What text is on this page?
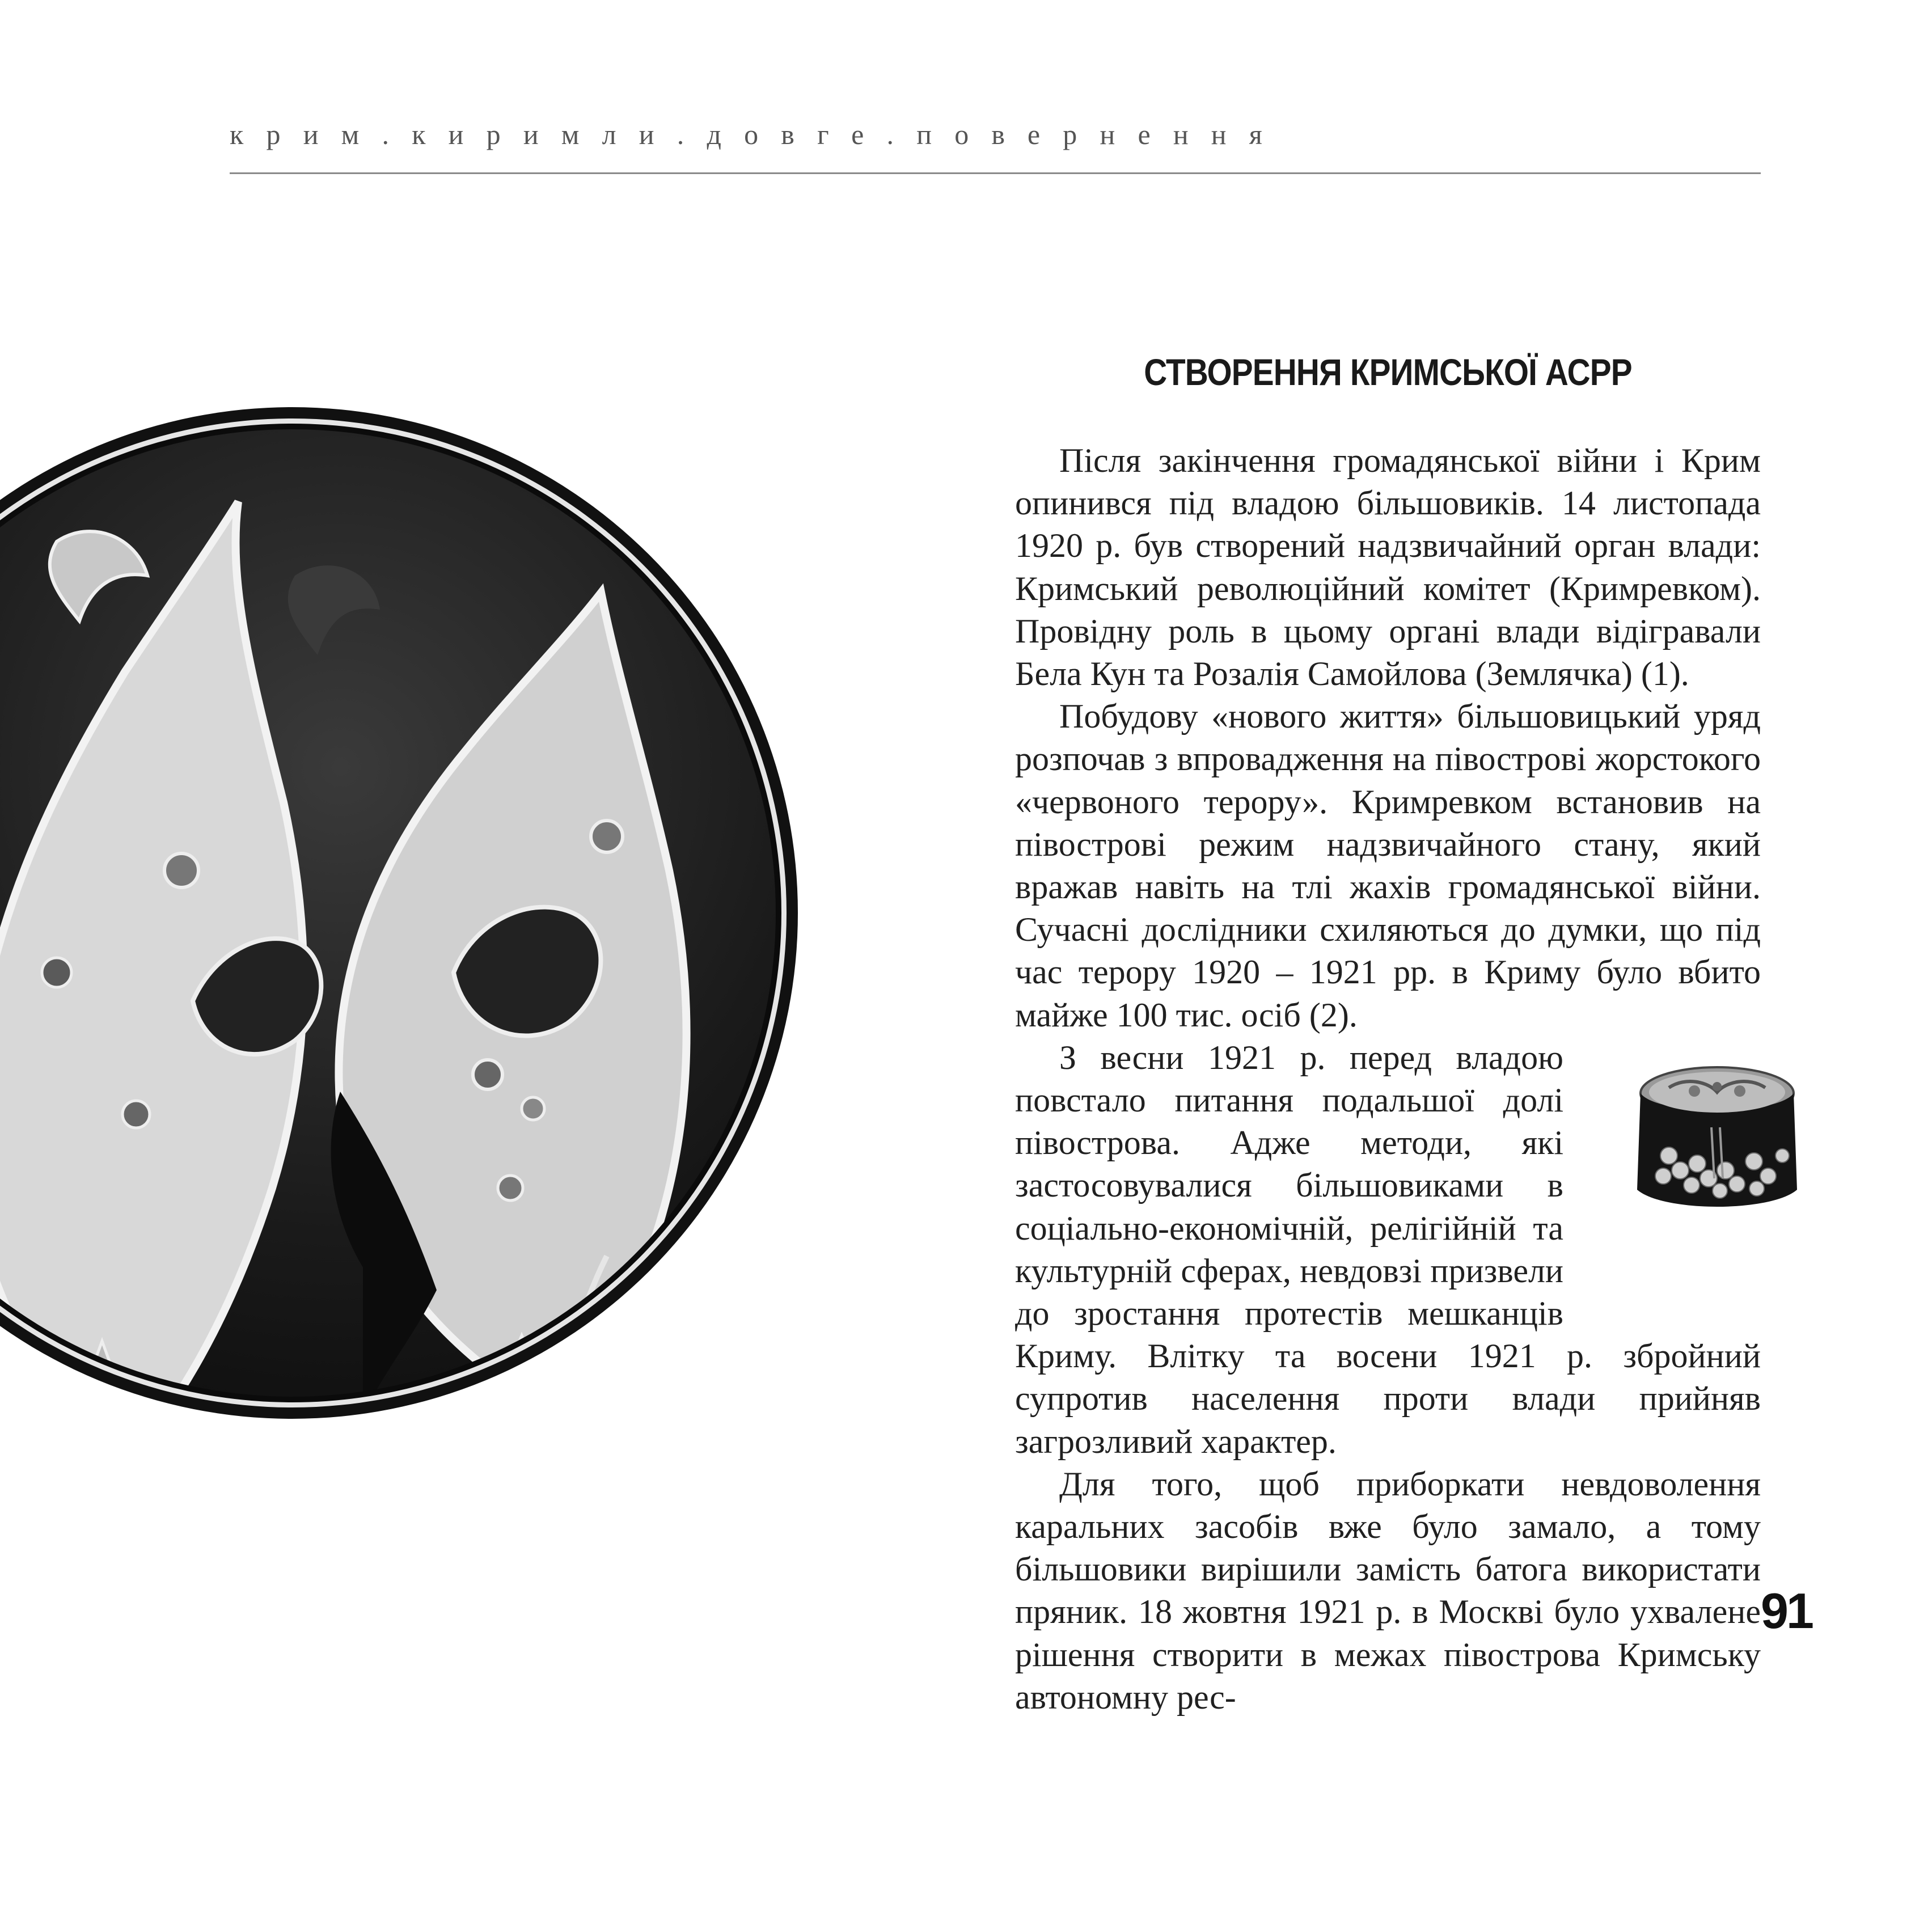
крим.киримли.довге.повернення
СТВОРЕННЯ КРИМСЬКОЇ АСРР

Після закінчення громадянської війни і Крим опинився під владою більшовиків. 14 листопада 1920 р. був створений надзвичайний орган влади: Кримський революційний комітет (Кримревком). Провідну роль в цьому органі влади відігравали Бела Кун та Розалія Самойлова (Землячка) (1).

Побудову «нового життя» більшовицький уряд розпочав з впровадження на півострові жорстокого «червоного терору». Кримревком встановив на півострові режим надзвичайного стану, який вражав навіть на тлі жахів громадянської війни. Сучасні дослідники схиляються до думки, що під час терору 1920 – 1921 рр. в Криму було вбито майже 100 тис. осіб (2).

З весни 1921 р. перед владою повстало питання подальшої долі півострова. Адже методи, які застосовувалися більшовиками в соціально-економічній, релігійній та культурній сферах, невдовзі призвели до зростання протестів мешканців Криму. Влітку та восени 1921 р. збройний супротив населення проти влади прийняв загрозливий характер.

Для того, щоб приборкати невдоволення каральних засобів вже було замало, а тому більшовики вирішили замість батога використати пряник. 18 жовтня 1921 р. в Москві було ухвалене рішення створити в межах півострова Кримську автономну рес-

91
